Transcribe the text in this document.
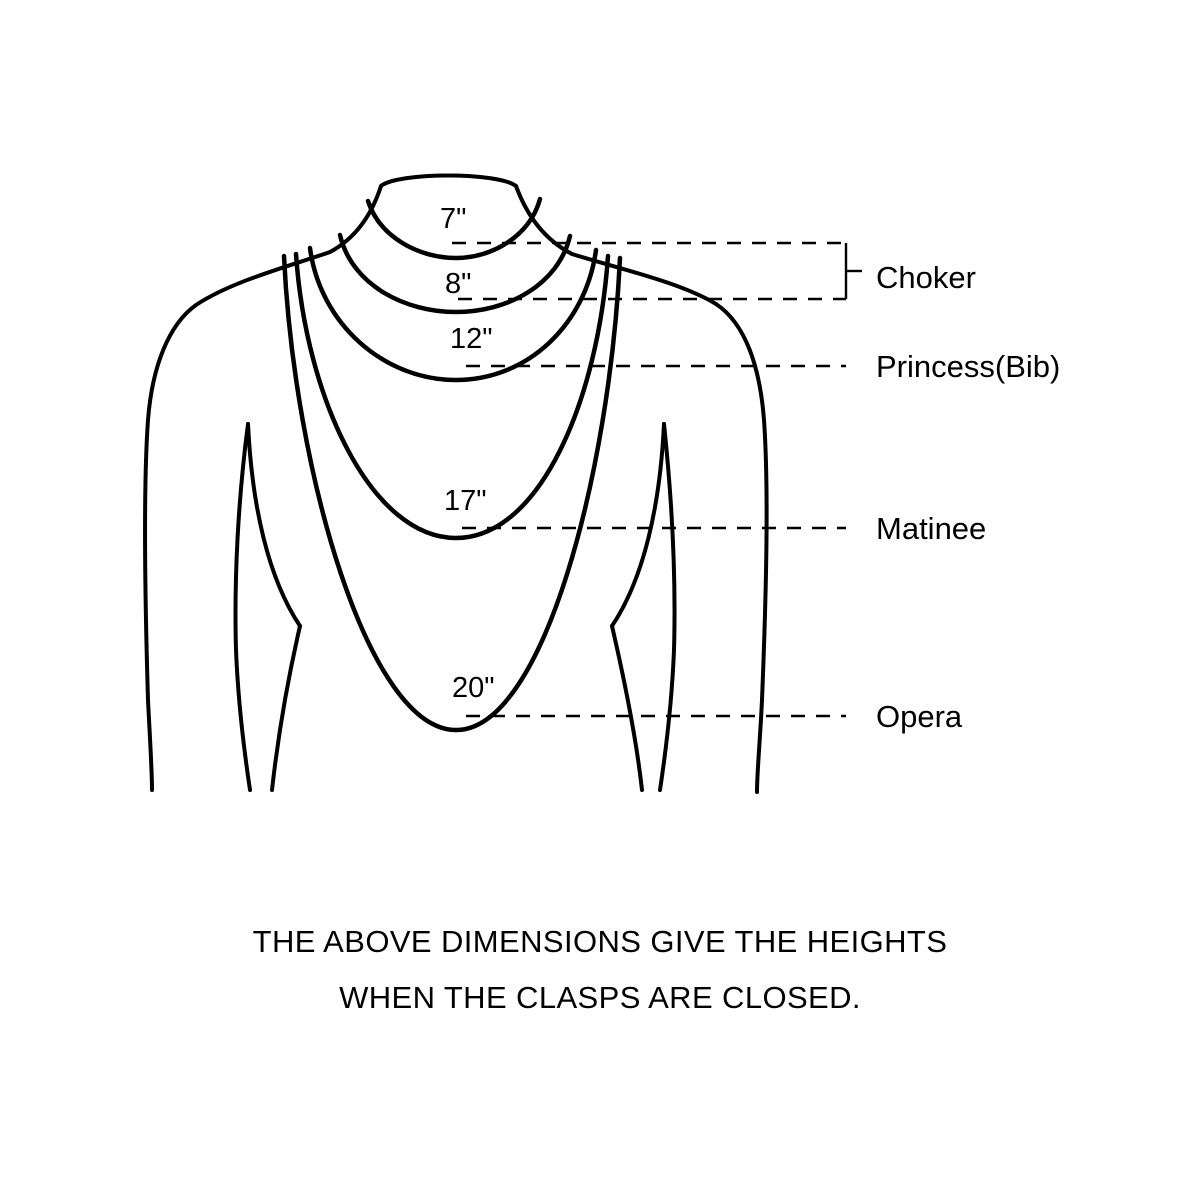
7"
8"
12"
17"
20"
Choker
Princess(Bib)
Matinee
Opera
THE ABOVE DIMENSIONS GIVE THE HEIGHTS
WHEN THE CLASPS ARE CLOSED.
